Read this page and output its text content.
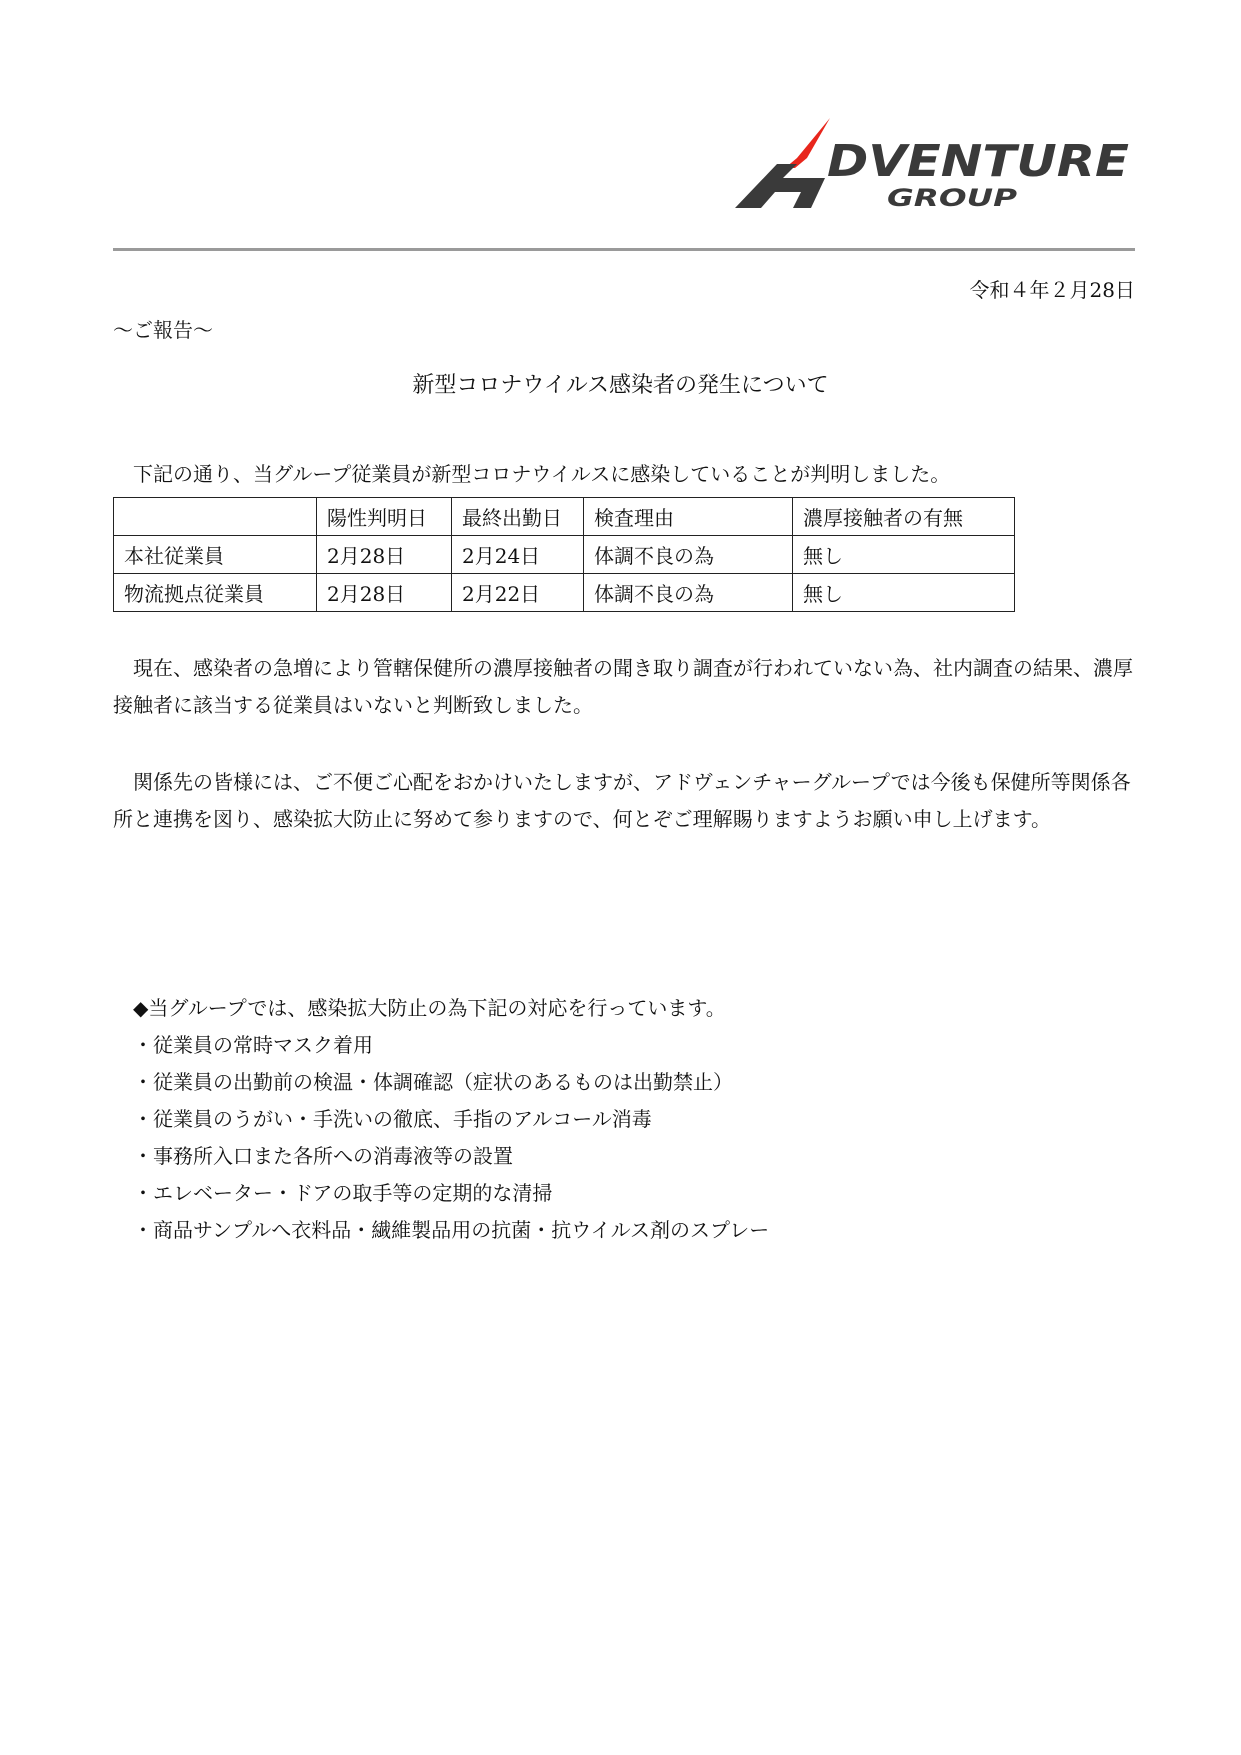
DVENTURE
GROUP
令和４年２月28日
～ご報告～
新型コロナウイルス感染者の発生について
下記の通り、当グループ従業員が新型コロナウイルスに感染していることが判明しました。
	陽性判明日	最終出勤日	検査理由	濃厚接触者の有無
本社従業員	2月28日	2月24日	体調不良の為	無し
物流拠点従業員	2月28日	2月22日	体調不良の為	無し
現在、感染者の急増により管轄保健所の濃厚接触者の聞き取り調査が行われていない為、社内調査の結果、濃厚接触者に該当する従業員はいないと判断致しました。
関係先の皆様には、ご不便ご心配をおかけいたしますが、アドヴェンチャーグループでは今後も保健所等関係各所と連携を図り、感染拡大防止に努めて参りますので、何とぞご理解賜りますようお願い申し上げます。
◆当グループでは、感染拡大防止の為下記の対応を行っています。
・従業員の常時マスク着用
・従業員の出勤前の検温・体調確認（症状のあるものは出勤禁止）
・従業員のうがい・手洗いの徹底、手指のアルコール消毒
・事務所入口また各所への消毒液等の設置
・エレベーター・ドアの取手等の定期的な清掃
・商品サンプルへ衣料品・繊維製品用の抗菌・抗ウイルス剤のスプレー
